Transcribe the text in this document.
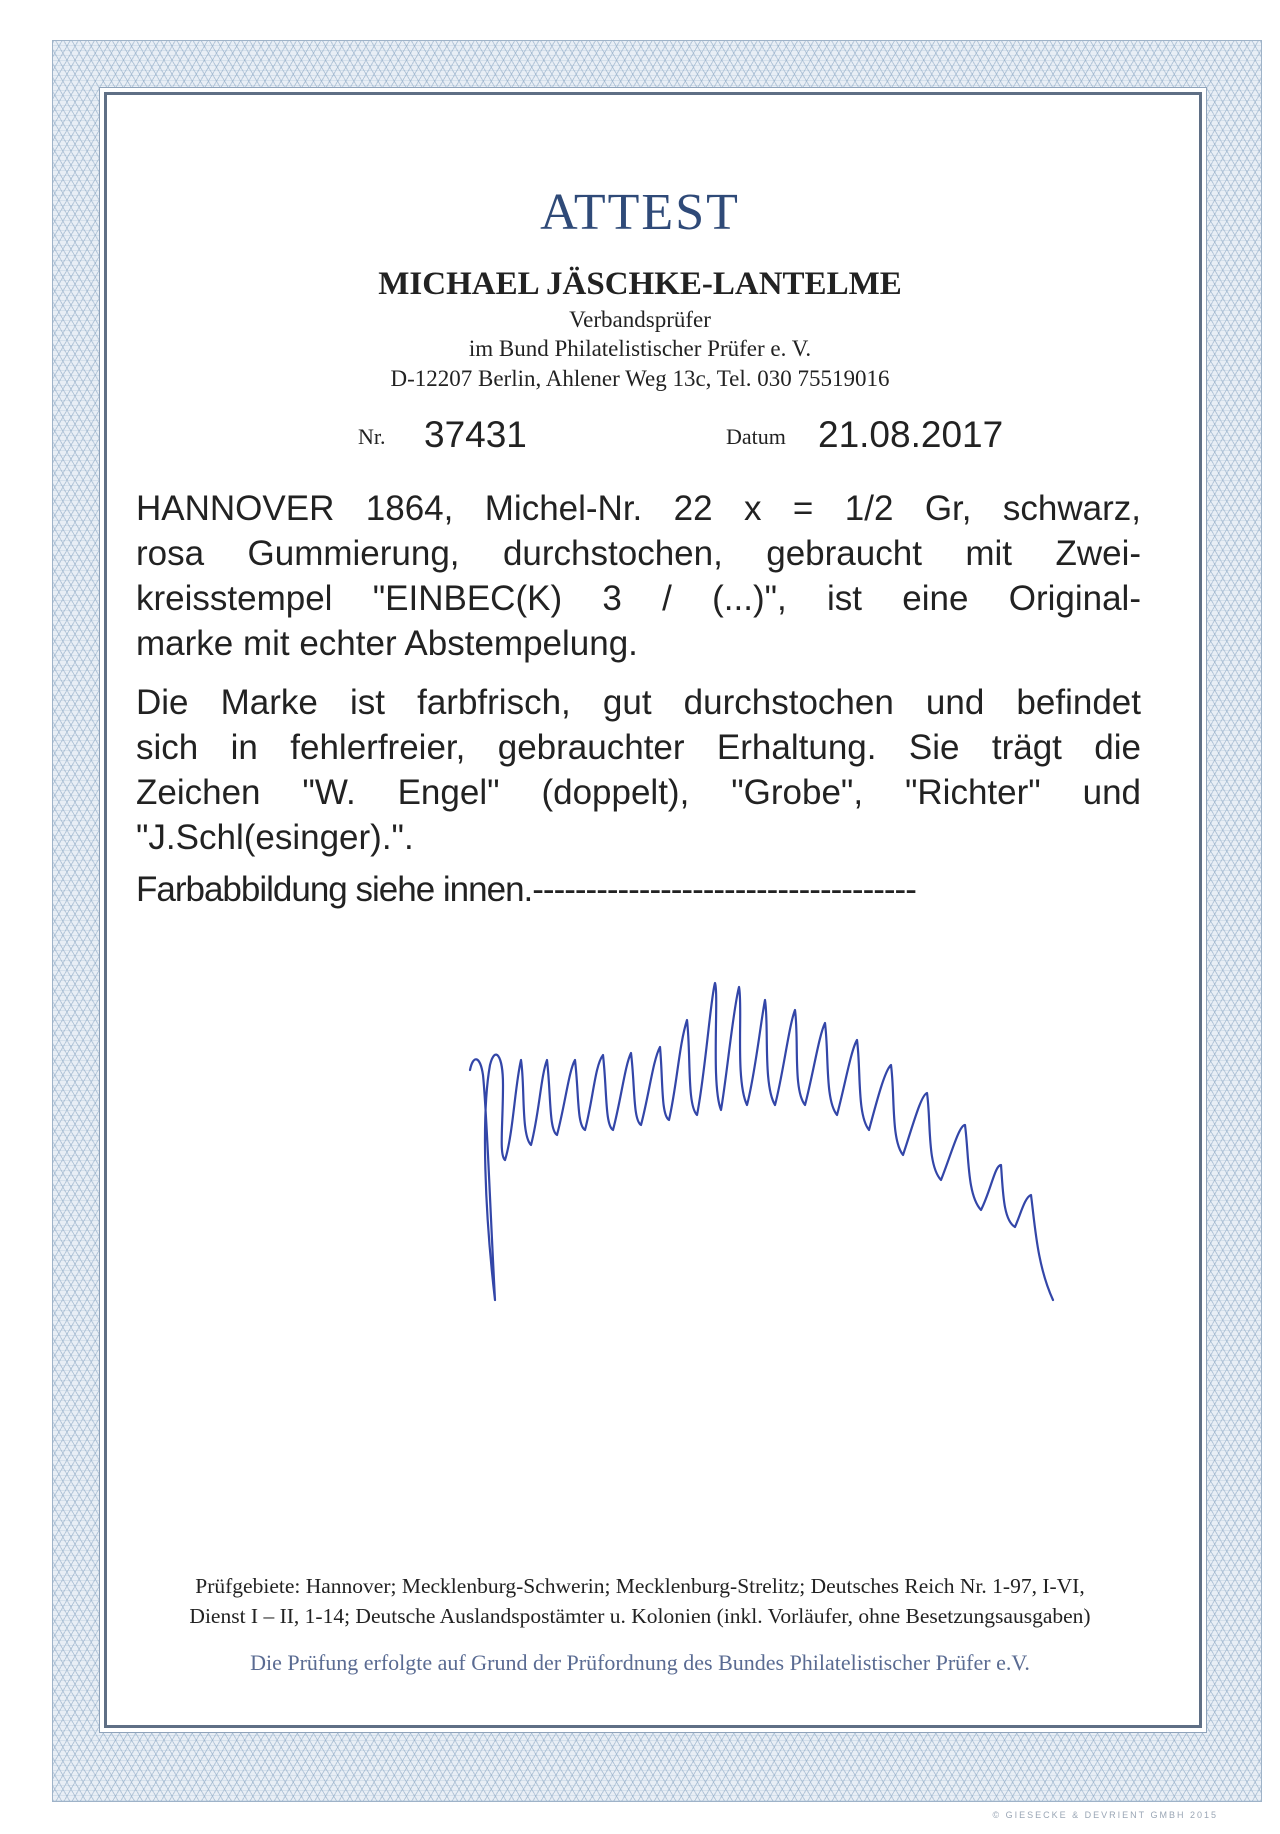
ATTEST
MICHAEL JÄSCHKE-LANTELME
Verbandsprüfer
im Bund Philatelistischer Prüfer e. V.
D-12207 Berlin, Ahlener Weg 13c, Tel. 030 75519016
Nr. 37431	Datum 21.08.2017
HANNOVER 1864, Michel-Nr. 22 x = 1/2 Gr, schwarz,
rosa Gummierung, durchstochen, gebraucht mit Zwei-
kreisstempel "EINBEC(K) 3 / (...)", ist eine Original-
marke mit echter Abstempelung.
Die Marke ist farbfrisch, gut durchstochen und befindet
sich in fehlerfreier, gebrauchter Erhaltung. Sie trägt die
Zeichen "W. Engel" (doppelt), "Grobe", "Richter" und
"J.Schl(esinger).".
Farbabbildung siehe innen.------------------------------------
Prüfgebiete: Hannover; Mecklenburg-Schwerin; Mecklenburg-Strelitz; Deutsches Reich Nr. 1-97, I-VI,
Dienst I – II, 1-14; Deutsche Auslandspostämter u. Kolonien (inkl. Vorläufer, ohne Besetzungsausgaben)
Die Prüfung erfolgte auf Grund der Prüfordnung des Bundes Philatelistischer Prüfer e.V.
© GIESECKE & DEVRIENT GMBH 2015
